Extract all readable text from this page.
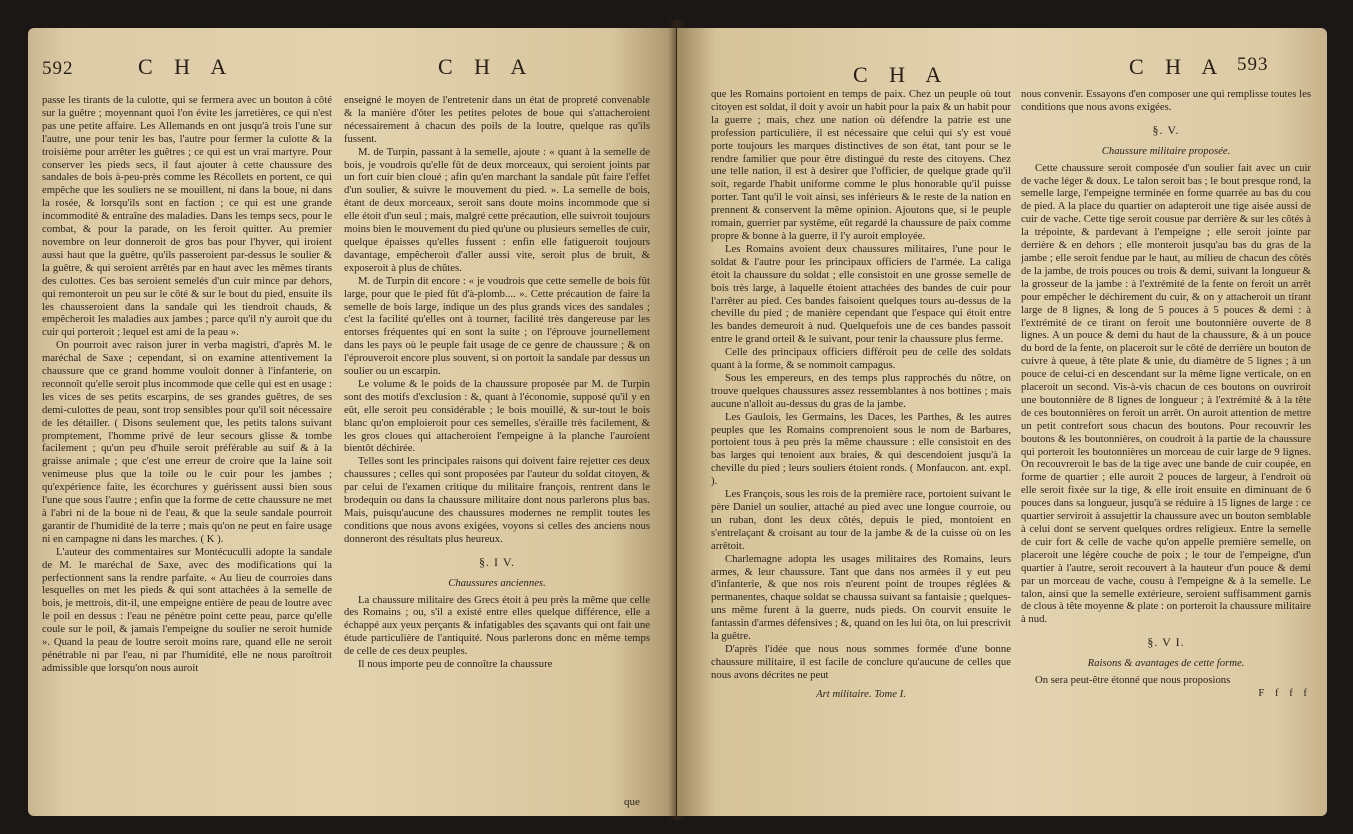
592	C H A	C H A

passe les tirants de la culotte, qui se fermera avec un bouton à côté sur la guêtre ; moyennant quoi l'on évite les jarretières, ce qui n'est pas une petite affaire. Les Allemands en ont jusqu'à trois l'une sur l'autre, une pour tenir les bas, l'autre pour fermer la culotte & la troisième pour arrêter les guêtres ; ce qui est un vrai martyre. Pour conserver les pieds secs, il faut ajouter à cette chaussure des sandales de bois à-peu-près comme les Récollets en portent, ce qui empêche que les souliers ne se mouillent, ni dans la boue, ni dans la rosée, & lorsqu'ils sont en faction ; ce qui est une grande incommodité & entraîne des maladies. Dans les temps secs, pour le combat, & pour la parade, on les feroit quitter. Au premier novembre on leur donneroit de gros bas pour l'hyver, qui iroient aussi haut que la guêtre, qu'ils passeroient par-dessus le soulier & la guêtre, & qui seroient arrêtés par en haut avec les mêmes tirants des culottes. Ces bas seroient semelés d'un cuir mince par dehors, qui remonteroit un peu sur le côté & sur le bout du pied, ensuite ils les chausseroient dans la sandale qui les tiendroit chauds, & empêcheroit les maladies aux jambes ; parce qu'il n'y auroit que du cuir qui porteroit ; lequel est ami de la peau ».

On pourroit avec raison jurer in verba magistri, d'après M. le maréchal de Saxe ; cependant, si on examine attentivement la chaussure que ce grand homme vouloit donner à l'infanterie, on reconnoît qu'elle seroit plus incommode que celle qui est en usage : les vices de ses petits escarpins, de ses grandes guêtres, de ses demi-culottes de peau, sont trop sensibles pour qu'il soit nécessaire de les détailler. ( Disons seulement que, les petits talons suivant promptement, l'homme privé de leur secours glisse & tombe facilement ; qu'un peu d'huile seroit préférable au suif & à la graisse animale ; que c'est une erreur de croire que la laine soit venimeuse plus que la toile ou le cuir pour les jambes ; qu'expérience faite, les écorchures y guérissent aussi bien sous l'une que sous l'autre ; enfin que la forme de cette chaussure ne met à l'abri ni de la boue ni de l'eau, & que la seule sandale pourroit garantir de l'humidité de la terre ; mais qu'on ne peut en faire usage ni en campagne ni dans les marches. ( K ).

L'auteur des commentaires sur Montécuculli adopte la sandale de M. le maréchal de Saxe, avec des modifications qui la perfectionnent sans la rendre parfaite. « Au lieu de courroies dans lesquelles on met les pieds & qui sont attachées à la semelle de bois, je mettrois, dit-il, une empeigne entière de peau de loutre avec le poil en dessus : l'eau ne pénètre point cette peau, parce qu'elle coule sur le poil, & jamais l'empeigne du soulier ne seroit humide ». Quand la peau de loutre seroit moins rare, quand elle ne seroit pénétrable ni par l'eau, ni par l'humidité, elle ne nous paroîtroit admissible que lorsqu'on nous auroit

enseigné le moyen de l'entretenir dans un état de propreté convenable & la manière d'ôter les petites pelotes de boue qui s'attacheroient nécessairement à chacun des poils de la loutre, quelque ras qu'ils fussent.

M. de Turpin, passant à la semelle, ajoute : « quant à la semelle de bois, je voudrois qu'elle fût de deux morceaux, qui seroient joints par un fort cuir bien cloué ; afin qu'en marchant la sandale pût faire l'effet d'un soulier, & suivre le mouvement du pied. ». La semelle de bois, étant de deux morceaux, seroit sans doute moins incommode que si elle étoit d'un seul ; mais, malgré cette précaution, elle suivroit toujours moins bien le mouvement du pied qu'une ou plusieurs semelles de cuir, quelque épaisses qu'elles fussent : enfin elle fatigueroit toujours davantage, empêcheroit d'aller aussi vite, seroit plus de bruit, & exposeroit à plus de chûtes.

M. de Turpin dit encore : « je voudrois que cette semelle de bois fût large, pour que le pied fût d'à-plomb.... ». Cette précaution de faire la semelle de bois large, indique un des plus grands vices des sandales ; c'est la facilité qu'elles ont à tourner, facilité très dangereuse par les entorses fréquentes qui en sont la suite ; on l'éprouve journellement dans les pays où le peuple fait usage de ce genre de chaussure ; & on l'éprouveroit encore plus souvent, si on portoit la sandale par dessus un soulier ou un escarpin.

Le volume & le poids de la chaussure proposée par M. de Turpin sont des motifs d'exclusion : &, quant à l'économie, supposé qu'il y en eût, elle seroit peu considérable ; le bois mouillé, & sur-tout le bois blanc qu'on emploieroit pour ces semelles, s'éraille très facilement, & les gros cloues qui attacheroient l'empeigne à la planche l'auroient bientôt déchirée.

Telles sont les principales raisons qui doivent faire rejetter ces deux chaussures ; celles qui sont proposées par l'auteur du soldat citoyen, & par celui de l'examen critique du militaire françois, rentrent dans le brodequin ou dans la chaussure militaire dont nous parlerons plus bas. Mais, puisqu'aucune des chaussures modernes ne remplit toutes les conditions que nous avons exigées, voyons si celles des anciens nous donneront des résultats plus heureux.

§. I V.
Chaussures anciennes.

La chaussure militaire des Grecs étoit à peu près la même que celle des Romains ; ou, s'il a existé entre elles quelque différence, elle a échappé aux yeux perçants & infatigables des sçavants qui ont fait une étude particulière de l'antiquité. Nous parlerons donc en même temps de celle de ces deux peuples.

Il nous importe peu de connoître la chaussure

que
C H A	C H A 593

que les Romains portoient en temps de paix. Chez un peuple où tout citoyen est soldat, il doit y avoir un habit pour la paix & un habit pour la guerre ; mais, chez une nation où défendre la patrie est une profession particulière, il est nécessaire que celui qui s'y est voué porte toujours les marques distinctives de son état, tant pour se le rendre familier que pour être distingué du reste des citoyens. Chez une telle nation, il est à desirer que l'officier, de quelque grade qu'il soit, regarde l'habit uniforme comme le plus honorable qu'il puisse porter. Tant qu'il le voit ainsi, ses inférieurs & le reste de la nation en prennent & conservent la même opinion. Ajoutons que, si le peuple romain, guerrier par systême, eût regardé la chaussure de paix comme propre & bonne à la guerre, il l'y auroit employée.

Les Romains avoient deux chaussures militaires, l'une pour le soldat & l'autre pour les principaux officiers de l'armée. La caliga étoit la chaussure du soldat ; elle consistoit en une grosse semelle de bois très large, à laquelle étoient attachées des bandes de cuir pour l'arrêter au pied. Ces bandes faisoient quelques tours au-dessus de la cheville du pied ; de manière cependant que l'espace qui étoit entre les bandes demeuroit à nud. Quelquefois une de ces bandes passoit entre le grand orteil & le suivant, pour tenir la chaussure plus ferme.

Celle des principaux officiers différoit peu de celle des soldats quant à la forme, & se nommoit campagus.

Sous les empereurs, en des temps plus rapprochés du nôtre, on trouve quelques chaussures assez ressemblantes à nos bottines ; mais aucune n'alloit au-dessus du gras de la jambe.

Les Gaulois, les Germains, les Daces, les Parthes, & les autres peuples que les Romains comprenoient sous le nom de Barbares, portoient tous à peu près la même chaussure : elle consistoit en des bas larges qui tenoient aux braies, & qui descendoient jusqu'à la cheville du pied ; leurs souliers étoient ronds. ( Monfaucon. ant. expl. ).

Les François, sous les rois de la première race, portoient suivant le père Daniel un soulier, attaché au pied avec une longue courroie, ou un ruban, dont les deux côtés, depuis le pied, montoient en s'entrelaçant & croisant au tour de la jambe & de la cuisse où on les arrêtoit.

Charlemagne adopta les usages militaires des Romains, leurs armes, & leur chaussure. Tant que dans nos armées il y eut peu d'infanterie, & que nos rois n'eurent point de troupes réglées & permanentes, chaque soldat se chaussa suivant sa fantaisie ; quelques-uns même furent à la guerre, nuds pieds. On courvit ensuite le fantassin d'armes défensives ; &, quand on les lui ôta, on lui prescrivit la guêtre.

D'après l'idée que nous nous sommes formée d'une bonne chaussure militaire, il est facile de conclure qu'aucune de celles que nous avons décrites ne peut

Art militaire. Tome I.

nous convenir. Essayons d'en composer une qui remplisse toutes les conditions que nous avons exigées.

§. V.
Chaussure militaire proposée.

Cette chaussure seroit composée d'un soulier fait avec un cuir de vache léger & doux. Le talon seroit bas ; le bout presque rond, la semelle large, l'empeigne terminée en forme quarrée au bas du cou de pied. A la place du quartier on adapteroit une tige aisée aussi de cuir de vache. Cette tige seroit cousue par derrière & sur les côtés à la trépointe, & pardevant à l'empeigne ; elle seroit jointe par derrière & en dehors ; elle monteroit jusqu'au bas du gras de la jambe ; elle seroit fendue par le haut, au milieu de chacun des côtés de la jambe, de trois pouces ou trois & demi, suivant la longueur & la grosseur de la jambe : à l'extrémité de la fente on feroit un arrêt pour empêcher le déchirement du cuir, & on y attacheroit un tirant large de 8 lignes, & long de 5 pouces à 5 pouces & demi : à l'extrémité de ce tirant on feroit une boutonnière ouverte de 8 lignes. A un pouce & demi du haut de la chaussure, & à un pouce du bord de la fente, on placeroit sur le côté de derrière un bouton de cuivre à queue, à tête plate & unie, du diamètre de 5 lignes ; à un pouce de celui-ci en descendant sur la même ligne verticale, on en placeroit un second. Vis-à-vis chacun de ces boutons on ouvriroit une boutonnière de 8 lignes de longueur ; à l'extrémité & à la tête de ces boutonnières on feroit un arrêt. On auroit attention de mettre un petit contrefort sous chacun des boutons. Pour recouvrir les boutons & les boutonnières, on coudroit à la partie de la chaussure qui porteroit les boutonnières un morceau de cuir large de 9 lignes. On recouvreroit le bas de la tige avec une bande de cuir coupée, en forme de quartier ; elle auroit 2 pouces de largeur, à l'endroit où elle seroit fixée sur la tige, & elle iroit ensuite en diminuant de 6 pouces dans sa longueur, jusqu'à se réduire à 15 lignes de large : ce quartier serviroit à assujettir la chaussure avec un bouton semblable à celui dont se servent quelques ordres religieux. Entre la semelle de cuir fort & celle de vache qu'on appelle première semelle, on placeroit une légère couche de poix ; le tour de l'empeigne, d'un quartier à l'autre, seroit recouvert à la hauteur d'un pouce & demi par un morceau de vache, cousu à l'empeigne & à la semelle. Le talon, ainsi que la semelle extérieure, seroient suffisamment garnis de clous à tête moyenne & plate : on porteroit la chaussure militaire à nud.

§. V I.
Raisons & avantages de cette forme.

On sera peut-être étonné que nous proposions

F f f f
